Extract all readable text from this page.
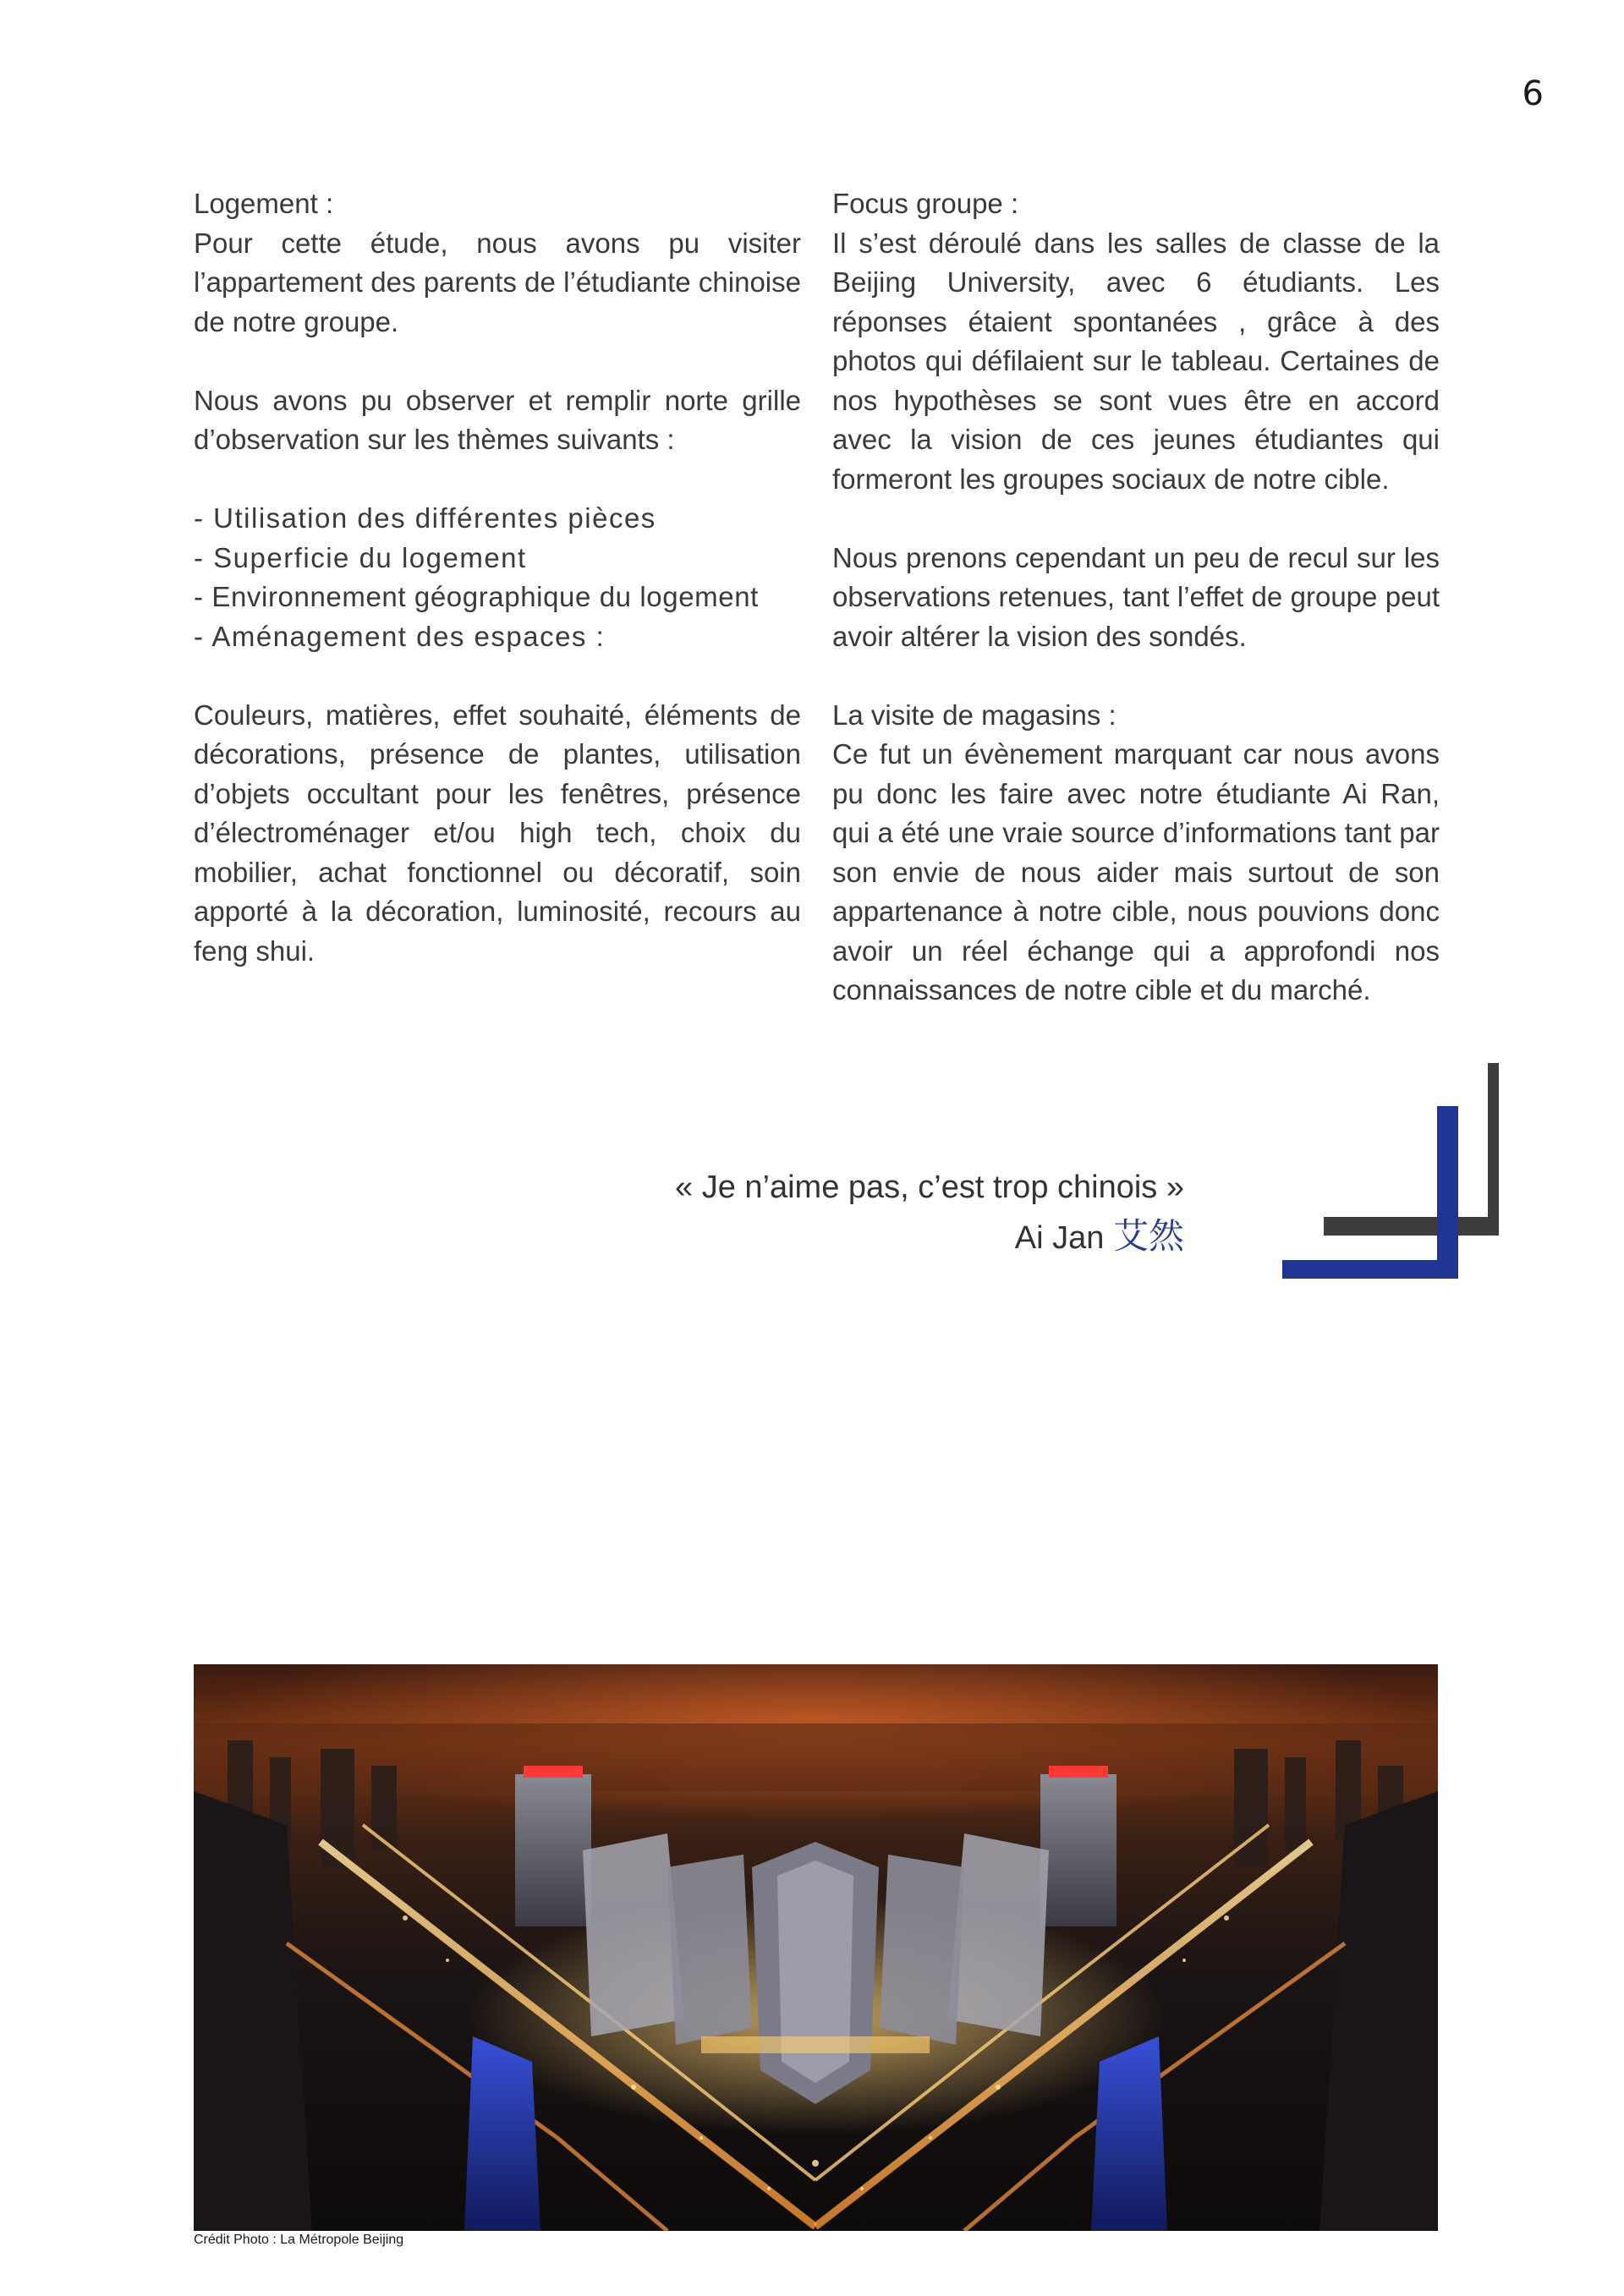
6
Logement :

Pour cette étude, nous avons pu visiter l’appartement des parents de l’étudiante chinoise de notre groupe.

Nous avons pu observer et remplir norte grille d’observation sur les thèmes suivants :

- Utilisation des différentes pièces
- Superficie du logement
- Environnement géographique du logement
- Aménagement des espaces :

Couleurs, matières, effet souhaité, éléments de décorations, présence de plantes, utilisation d’objets occultant pour les fenêtres, présence d’électroménager et/ou high tech, choix du mobilier, achat fonctionnel ou décoratif, soin apporté à la décoration, luminosité, recours au feng shui.

Focus groupe :

Il s’est déroulé dans les salles de classe de la Beijing University, avec 6 étudiants. Les réponses étaient spontanées , grâce à des photos qui défilaient sur le tableau. Certaines de nos hypothèses se sont vues être en accord avec la vision de ces jeunes étudiantes qui formeront les groupes sociaux de notre cible.

Nous prenons cependant un peu de recul sur les observations retenues, tant l’effet de groupe peut avoir altérer la vision des sondés.

La visite de magasins :

Ce fut un évènement marquant car nous avons pu donc les faire avec notre étudiante Ai Ran, qui a été une vraie source d’informations tant par son envie de nous aider mais surtout de son appartenance à notre cible, nous pouvions donc avoir un réel échange qui a approfondi nos connaissances de notre cible et du marché.

« Je n’aime pas, c’est trop chinois »
Ai Jan 艾然
Crédit Photo : La Métropole Beijing
